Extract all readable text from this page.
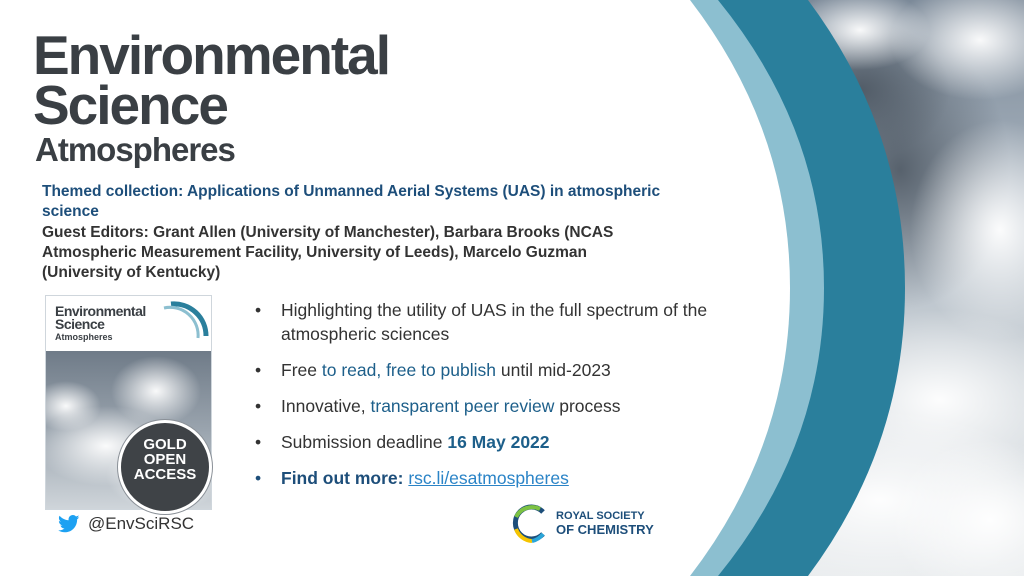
Environmental
Science
Atmospheres
Themed collection: Applications of Unmanned Aerial Systems (UAS) in atmospheric science
Guest Editors: Grant Allen (University of Manchester), Barbara Brooks (NCAS Atmospheric Measurement Facility, University of Leeds), Marcelo Guzman (University of Kentucky)
Environmental
Science
Atmospheres
GOLD
OPEN
ACCESS
@EnvSciRSC
• Highlighting the utility of UAS in the full spectrum of the atmospheric sciences
• Free to read, free to publish until mid-2023
• Innovative, transparent peer review process
• Submission deadline 16 May 2022
• Find out more: rsc.li/esatmospheres
ROYAL SOCIETY
OF CHEMISTRY
